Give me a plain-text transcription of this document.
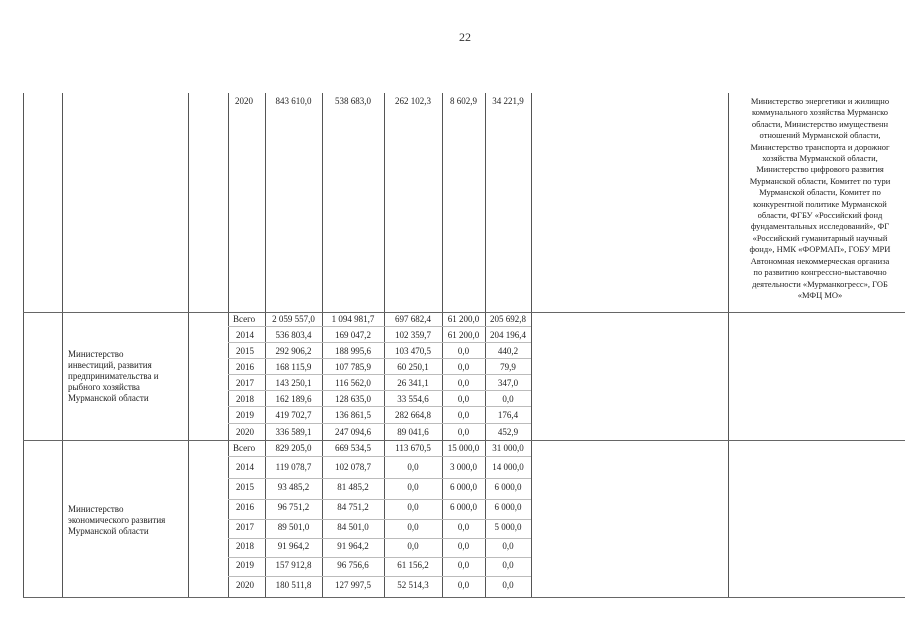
22
2020	843 610,0	538 683,0	262 102,3	8 602,9	34 221,9	Министерство энергетики и жилищно
коммунального хозяйства Мурманско
области, Министерство имущественн
отношений Мурманской области,
Министерство транспорта и дорожног
хозяйства Мурманской области,
Министерство цифрового развития
Мурманской области, Комитет по тури
Мурманской области, Комитет по
конкурентной политике Мурманской
области, ФГБУ «Российский фонд
фундаментальных исследований», ФГ
«Российский гуманитарный научный
фонд», НМК «ФОРМАП», ГОБУ МРИ
Автономная некоммерческая организа
по развитию конгрессно-выставочно
деятельности «Мурманкогресс», ГОБ
«МФЦ МО»
Министерство
инвестиций, развития
предпринимательства и
рыбного хозяйства
Мурманской области
Всего	2 059 557,0	1 094 981,7	697 682,4	61 200,0	205 692,8
2014	536 803,4	169 047,2	102 359,7	61 200,0	204 196,4
2015	292 906,2	188 995,6	103 470,5	0,0	440,2
2016	168 115,9	107 785,9	60 250,1	0,0	79,9
2017	143 250,1	116 562,0	26 341,1	0,0	347,0
2018	162 189,6	128 635,0	33 554,6	0,0	0,0
2019	419 702,7	136 861,5	282 664,8	0,0	176,4
2020	336 589,1	247 094,6	89 041,6	0,0	452,9
Министерство
экономического развития
Мурманской области
Всего	829 205,0	669 534,5	113 670,5	15 000,0	31 000,0
2014	119 078,7	102 078,7	0,0	3 000,0	14 000,0
2015	93 485,2	81 485,2	0,0	6 000,0	6 000,0
2016	96 751,2	84 751,2	0,0	6 000,0	6 000,0
2017	89 501,0	84 501,0	0,0	0,0	5 000,0
2018	91 964,2	91 964,2	0,0	0,0	0,0
2019	157 912,8	96 756,6	61 156,2	0,0	0,0
2020	180 511,8	127 997,5	52 514,3	0,0	0,0
